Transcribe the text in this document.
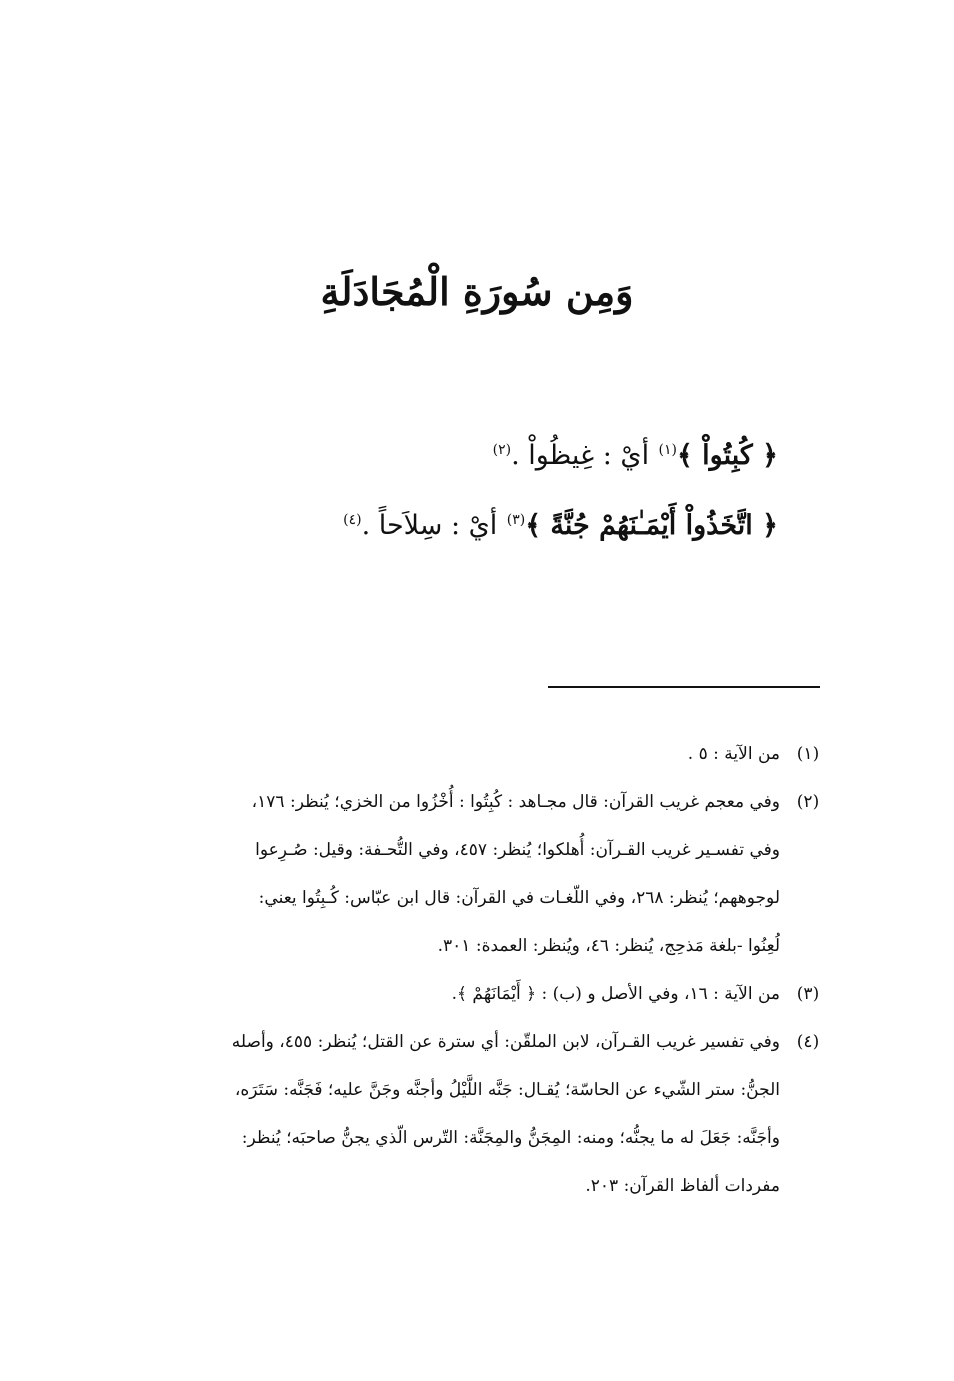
وَمِن سُورَةِ الْمُجَادَلَةِ
﴿ كُبِتُواْ ﴾$^{(١)}$ أيْ : غِيظُواْ .$^{(٢)}$
﴿ اتَّخَذُواْ أَيْمَـٰنَهُمْ جُنَّةً ﴾$^{(٣)}$ أيْ : سِلاَحاً .$^{(٤)}$
(١)
من الآية : ٥ .
(٢)
وفي معجم غريب القرآن: قال مجـاهد : كُبِتُوا : أُخْزُوا من الخزي؛ يُنظر: ١٧٦،
وفي تفسـير غريب القـرآن: أُهلكوا؛ يُنظر: ٤٥٧، وفي التُّحـفة: وقيل: صُـرِعوا
لوجوههم؛ يُنظر: ٢٦٨، وفي اللّغـات في القرآن: قال ابن عبّاس: كُـبِتُوا يعني:
لُعِنُوا -بلغة مَذحِج، يُنظر: ٤٦، ويُنظر: العمدة: ٣٠١.
(٣)
من الآية : ١٦، وفي الأصل و (ب) : ﴿ أَيْمَانَهُمْ ﴾.
(٤)
وفي تفسير غريب القـرآن، لابن الملقّن: أي سترة عن القتل؛ يُنظر: ٤٥٥، وأصله
الجنُّ: ستر الشّيء عن الحاسّة؛ يُقـال: جَنَّه اللَّيْلُ وأجنَّه وجَنَّ عليه؛ فَجَنَّه: سَتَرَه،
وأجَنَّه: جَعَلَ له ما يجنُّه؛ ومنه: المِجَنُّ والمِجَنَّة: التّرس الّذي يجنُّ صاحبَه؛ يُنظر:
مفردات ألفاظ القرآن: ٢٠٣.
